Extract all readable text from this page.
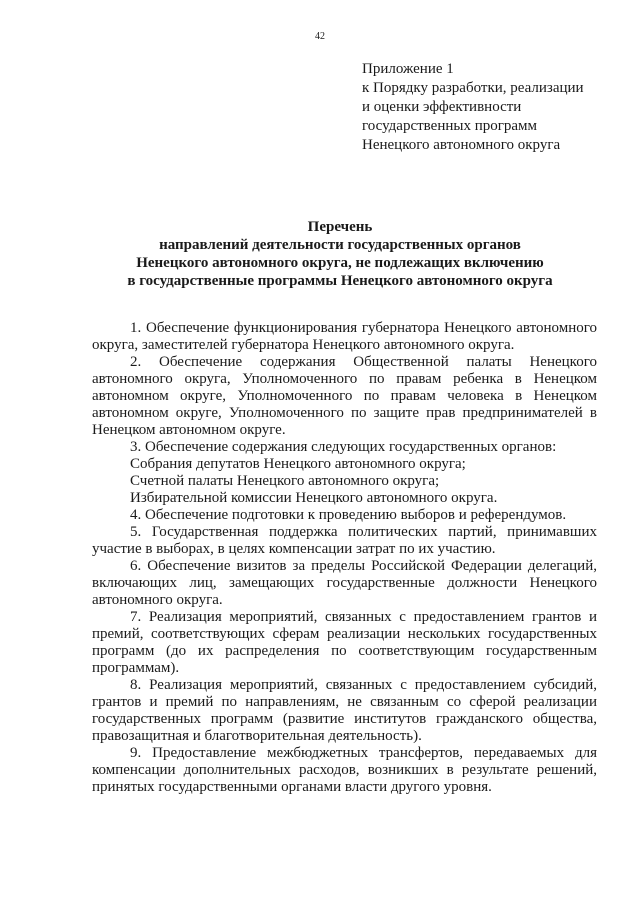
42
Приложение 1
к Порядку разработки, реализации
и оценки эффективности
государственных программ
Ненецкого автономного округа
Перечень
направлений деятельности государственных органов
Ненецкого автономного округа, не подлежащих включению
в государственные программы Ненецкого автономного округа

1. Обеспечение функционирования губернатора Ненецкого автономного округа, заместителей губернатора Ненецкого автономного округа.

2. Обеспечение содержания Общественной палаты Ненецкого автономного округа, Уполномоченного по правам ребенка в Ненецком автономном округе, Уполномоченного по правам человека в Ненецком автономном округе, Уполномоченного по защите прав предпринимателей в Ненецком автономном округе.

3. Обеспечение содержания следующих государственных органов:

Собрания депутатов Ненецкого автономного округа;

Счетной палаты Ненецкого автономного округа;

Избирательной комиссии Ненецкого автономного округа.

4. Обеспечение подготовки к проведению выборов и референдумов.

5. Государственная поддержка политических партий, принимавших участие в выборах, в целях компенсации затрат по их участию.

6. Обеспечение визитов за пределы Российской Федерации делегаций, включающих лиц, замещающих государственные должности Ненецкого автономного округа.

7. Реализация мероприятий, связанных с предоставлением грантов и премий, соответствующих сферам реализации нескольких государственных программ (до их распределения по соответствующим государственным программам).

8. Реализация мероприятий, связанных с предоставлением субсидий, грантов и премий по направлениям, не связанным со сферой реализации государственных программ (развитие институтов гражданского общества, правозащитная и благотворительная деятельность).

9. Предоставление межбюджетных трансфертов, передаваемых для компенсации дополнительных расходов, возникших в результате решений, принятых государственными органами власти другого уровня.
